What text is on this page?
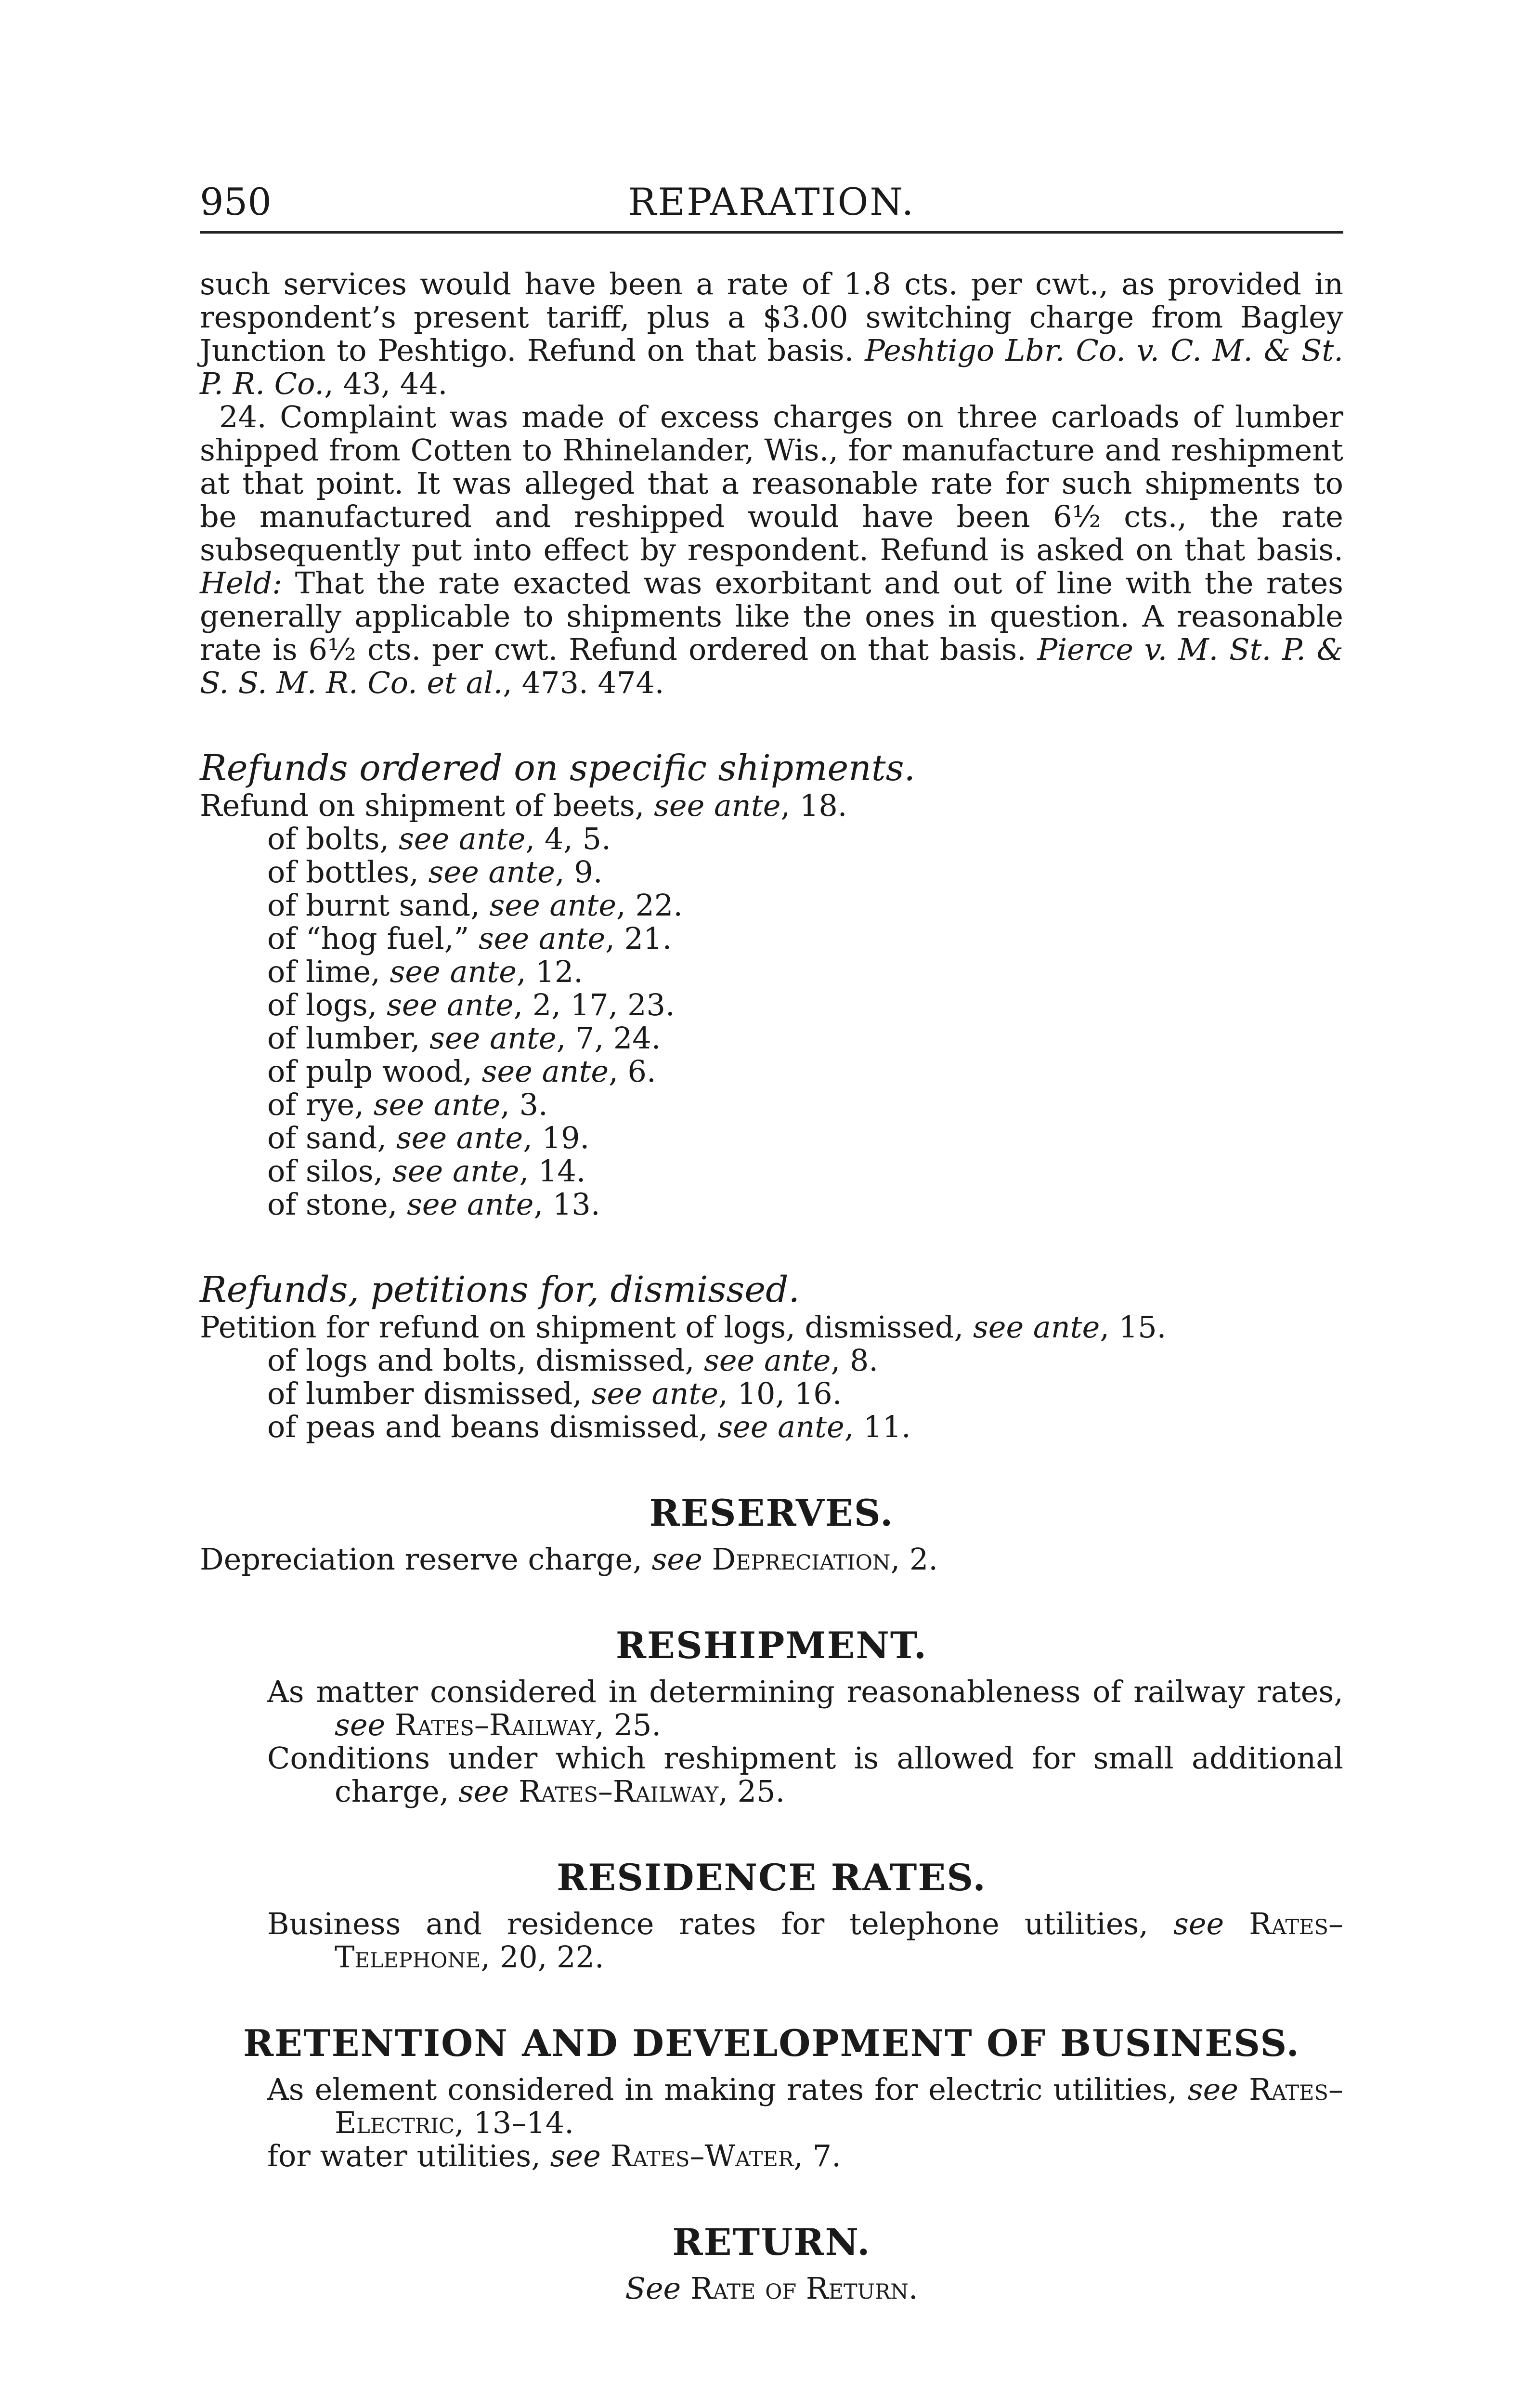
950	REPARATION.

such services would have been a rate of 1.8 cts. per cwt., as provided in respondent’s present tariff, plus a $3.00 switching charge from Bagley Junction to Peshtigo. Refund on that basis. Peshtigo Lbr. Co. v. C. M. & St. P. R. Co., 43, 44.

24. Complaint was made of excess charges on three carloads of lumber shipped from Cotten to Rhinelander, Wis., for manufacture and reshipment at that point. It was alleged that a reasonable rate for such shipments to be manufactured and reshipped would have been 6½ cts., the rate subsequently put into effect by respondent. Refund is asked on that basis. Held: That the rate exacted was exorbitant and out of line with the rates generally applicable to shipments like the ones in question. A reasonable rate is 6½ cts. per cwt. Refund ordered on that basis. Pierce v. M. St. P. & S. S. M. R. Co. et al., 473. 474.

Refunds ordered on specific shipments.
Refund on shipment of beets, see ante, 18.
of bolts, see ante, 4, 5.
of bottles, see ante, 9.
of burnt sand, see ante, 22.
of “hog fuel,” see ante, 21.
of lime, see ante, 12.
of logs, see ante, 2, 17, 23.
of lumber, see ante, 7, 24.
of pulp wood, see ante, 6.
of rye, see ante, 3.
of sand, see ante, 19.
of silos, see ante, 14.
of stone, see ante, 13.
Refunds, petitions for, dismissed.
Petition for refund on shipment of logs, dismissed, see ante, 15.
of logs and bolts, dismissed, see ante, 8.
of lumber dismissed, see ante, 10, 16.
of peas and beans dismissed, see ante, 11.
RESERVES.
Depreciation reserve charge, see Depreciation, 2.
RESHIPMENT.
As matter considered in determining reasonableness of railway rates, see Rates–Railway, 25.
Conditions under which reshipment is allowed for small additional charge, see Rates–Railway, 25.
RESIDENCE RATES.
Business and residence rates for telephone utilities, see Rates–Telephone, 20, 22.
RETENTION AND DEVELOPMENT OF BUSINESS.
As element considered in making rates for electric utilities, see Rates–Electric, 13–14.
for water utilities, see Rates–Water, 7.
RETURN.
See Rate of Return.
